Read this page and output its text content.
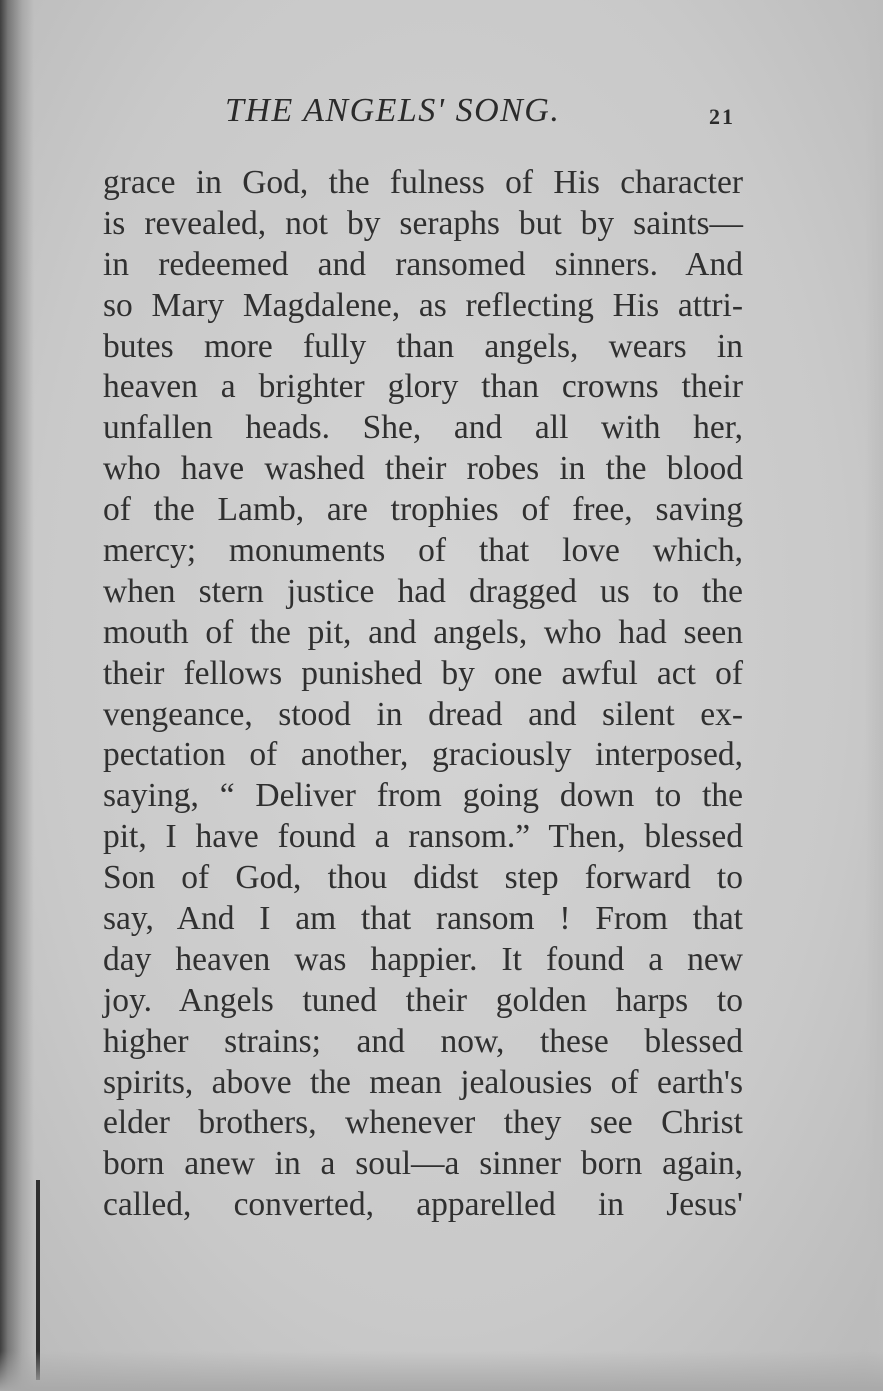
THE ANGELS' SONG.	21
grace in God, the fulness of His character
is revealed, not by seraphs but by saints—
in redeemed and ransomed sinners. And
so Mary Magdalene, as reflecting His attri-
butes more fully than angels, wears in
heaven a brighter glory than crowns their
unfallen heads. She, and all with her,
who have washed their robes in the blood
of the Lamb, are trophies of free, saving
mercy; monuments of that love which,
when stern justice had dragged us to the
mouth of the pit, and angels, who had seen
their fellows punished by one awful act of
vengeance, stood in dread and silent ex-
pectation of another, graciously interposed,
saying, “ Deliver from going down to the
pit, I have found a ransom.” Then, blessed
Son of God, thou didst step forward to
say, And I am that ransom ! From that
day heaven was happier. It found a new
joy. Angels tuned their golden harps to
higher strains; and now, these blessed
spirits, above the mean jealousies of earth's
elder brothers, whenever they see Christ
born anew in a soul—a sinner born again,
called, converted, apparelled in Jesus'
